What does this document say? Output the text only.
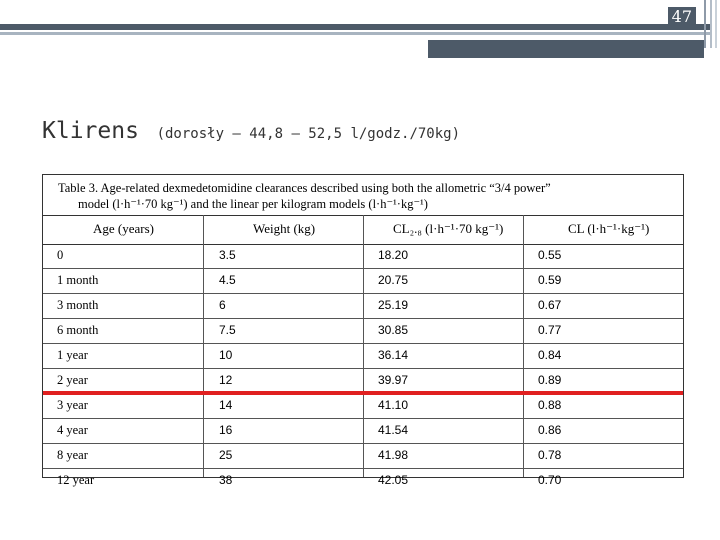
47
Klirens (dorosły – 44,8 – 52,5 l/godz./70kg)
Table 3. Age-related dexmedetomidine clearances described using both the allometric “3/4 power”
model (l·h⁻¹·70 kg⁻¹) and the linear per kilogram models (l·h⁻¹·kg⁻¹)
Age (years)	Weight (kg)	CL₂.₈ (l·h⁻¹·70 kg⁻¹)	CL (l·h⁻¹·kg⁻¹)
0	3.5	18.20	0.55
1 month	4.5	20.75	0.59
3 month	6	25.19	0.67
6 month	7.5	30.85	0.77
1 year	10	36.14	0.84
2 year	12	39.97	0.89
3 year	14	41.10	0.88
4 year	16	41.54	0.86
8 year	25	41.98	0.78
12 year	38	42.05	0.70
